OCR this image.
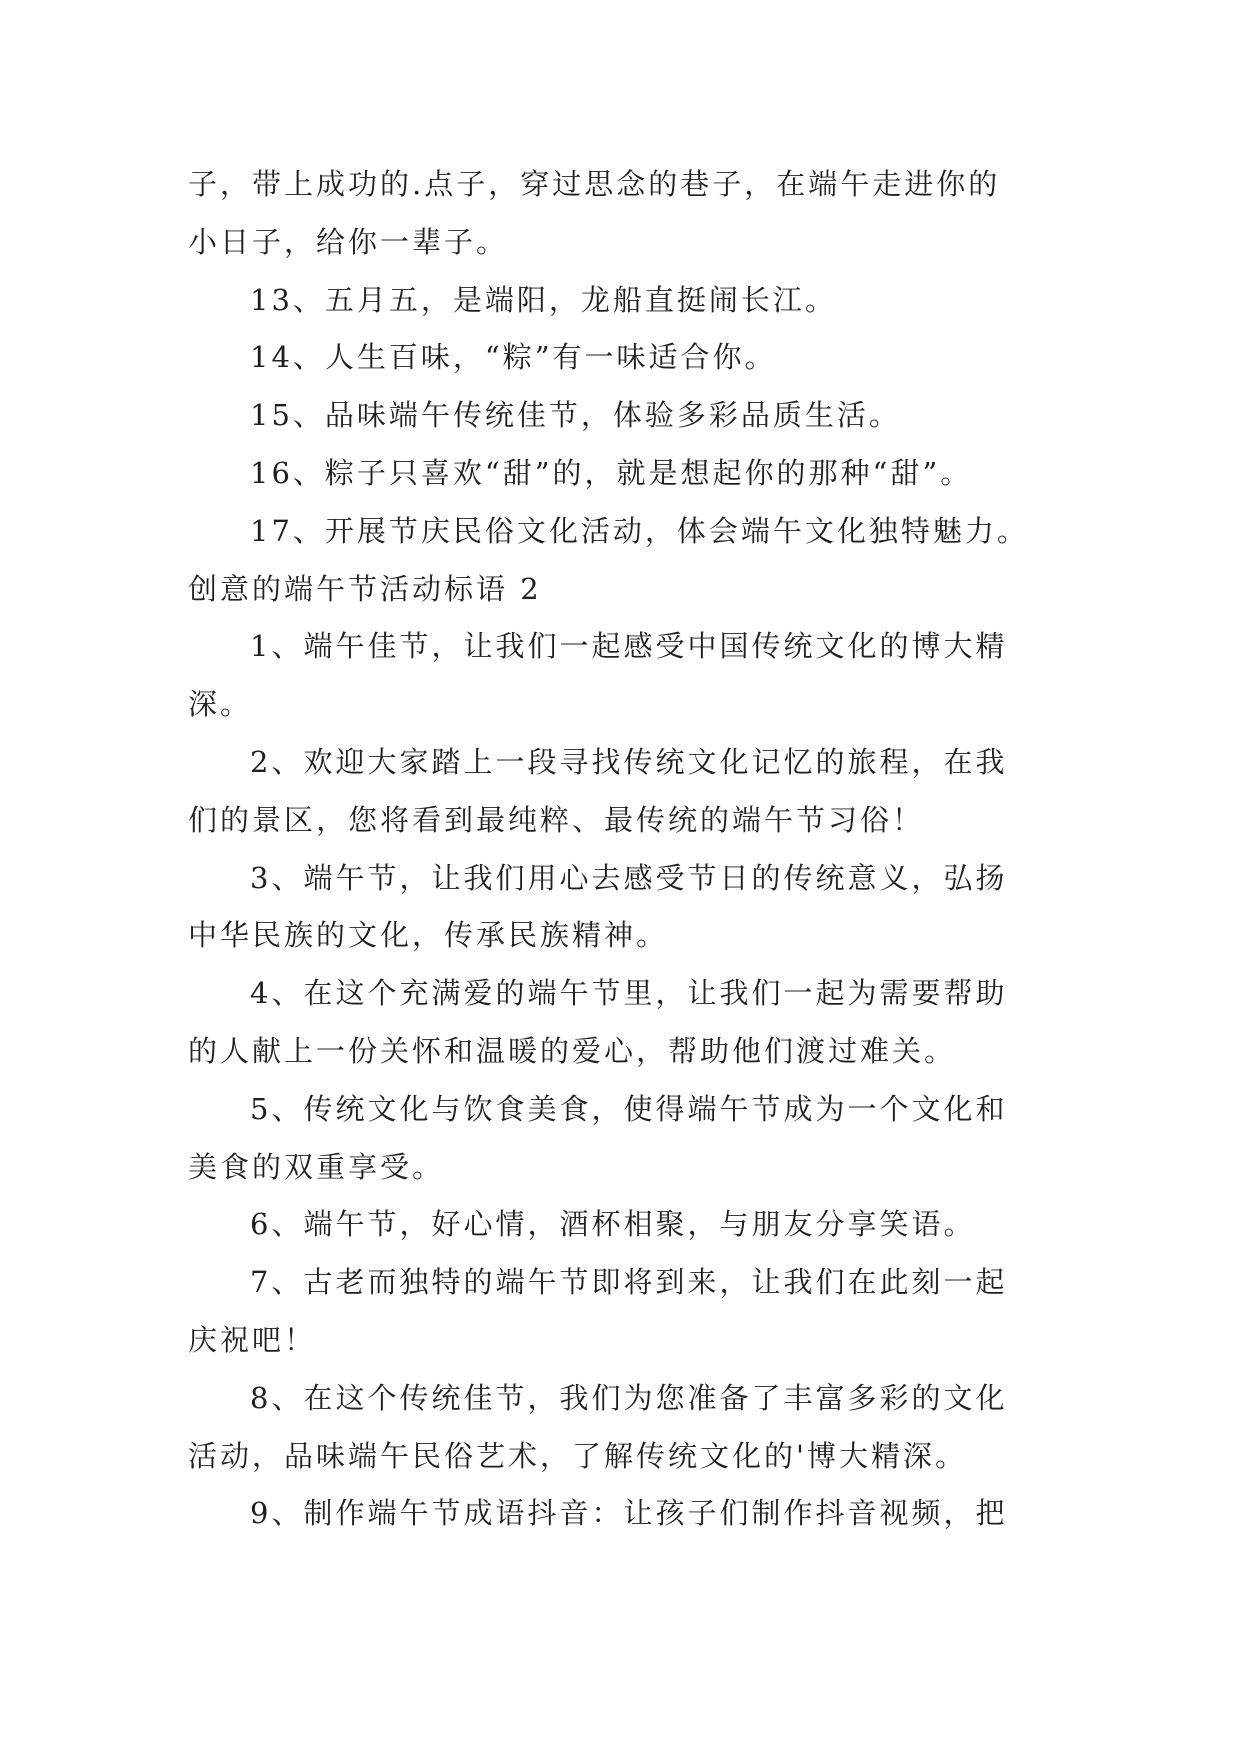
子，带上成功的.点子，穿过思念的巷子，在端午走进你的
小日子，给你一辈子。
13、五月五，是端阳，龙船直挺闹长江。
14、人生百味，“粽”有一味适合你。
15、品味端午传统佳节，体验多彩品质生活。
16、粽子只喜欢“甜”的，就是想起你的那种“甜”。
17、开展节庆民俗文化活动，体会端午文化独特魅力。
创意的端午节活动标语 2
1、端午佳节，让我们一起感受中国传统文化的博大精
深。
2、欢迎大家踏上一段寻找传统文化记忆的旅程，在我
们的景区，您将看到最纯粹、最传统的端午节习俗！
3、端午节，让我们用心去感受节日的传统意义，弘扬
中华民族的文化，传承民族精神。
4、在这个充满爱的端午节里，让我们一起为需要帮助
的人献上一份关怀和温暖的爱心，帮助他们渡过难关。
5、传统文化与饮食美食，使得端午节成为一个文化和
美食的双重享受。
6、端午节，好心情，酒杯相聚，与朋友分享笑语。
7、古老而独特的端午节即将到来，让我们在此刻一起
庆祝吧！
8、在这个传统佳节，我们为您准备了丰富多彩的文化
活动，品味端午民俗艺术，了解传统文化的'博大精深。
9、制作端午节成语抖音：让孩子们制作抖音视频，把
